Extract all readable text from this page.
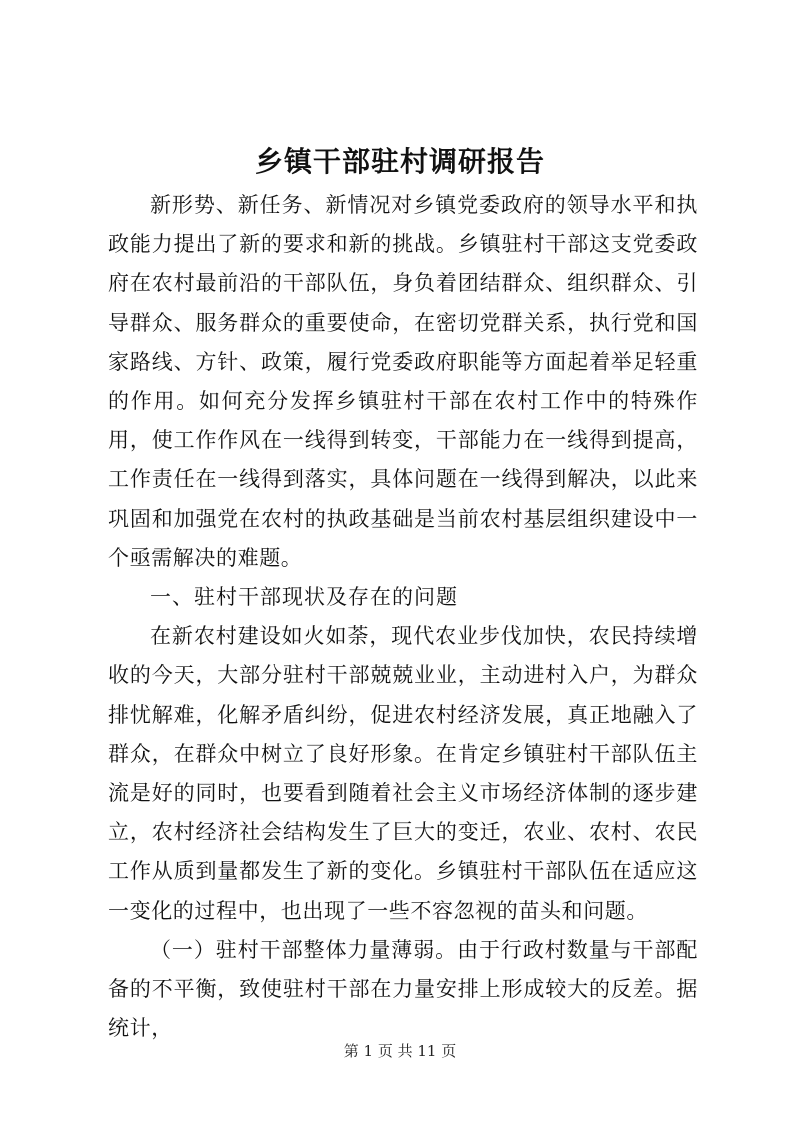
乡镇干部驻村调研报告

新形势、新任务、新情况对乡镇党委政府的领导水平和执政能力提出了新的要求和新的挑战。乡镇驻村干部这支党委政府在农村最前沿的干部队伍，身负着团结群众、组织群众、引导群众、服务群众的重要使命，在密切党群关系，执行党和国家路线、方针、政策，履行党委政府职能等方面起着举足轻重的作用。如何充分发挥乡镇驻村干部在农村工作中的特殊作用，使工作作风在一线得到转变，干部能力在一线得到提高，工作责任在一线得到落实，具体问题在一线得到解决，以此来巩固和加强党在农村的执政基础是当前农村基层组织建设中一个亟需解决的难题。

一、驻村干部现状及存在的问题

在新农村建设如火如荼，现代农业步伐加快，农民持续增收的今天，大部分驻村干部兢兢业业，主动进村入户，为群众排忧解难，化解矛盾纠纷，促进农村经济发展，真正地融入了群众，在群众中树立了良好形象。在肯定乡镇驻村干部队伍主流是好的同时，也要看到随着社会主义市场经济体制的逐步建立，农村经济社会结构发生了巨大的变迁，农业、农村、农民工作从质到量都发生了新的变化。乡镇驻村干部队伍在适应这一变化的过程中，也出现了一些不容忽视的苗头和问题。

（一）驻村干部整体力量薄弱。由于行政村数量与干部配备的不平衡，致使驻村干部在力量安排上形成较大的反差。据统计，

第 1 页 共 11 页
